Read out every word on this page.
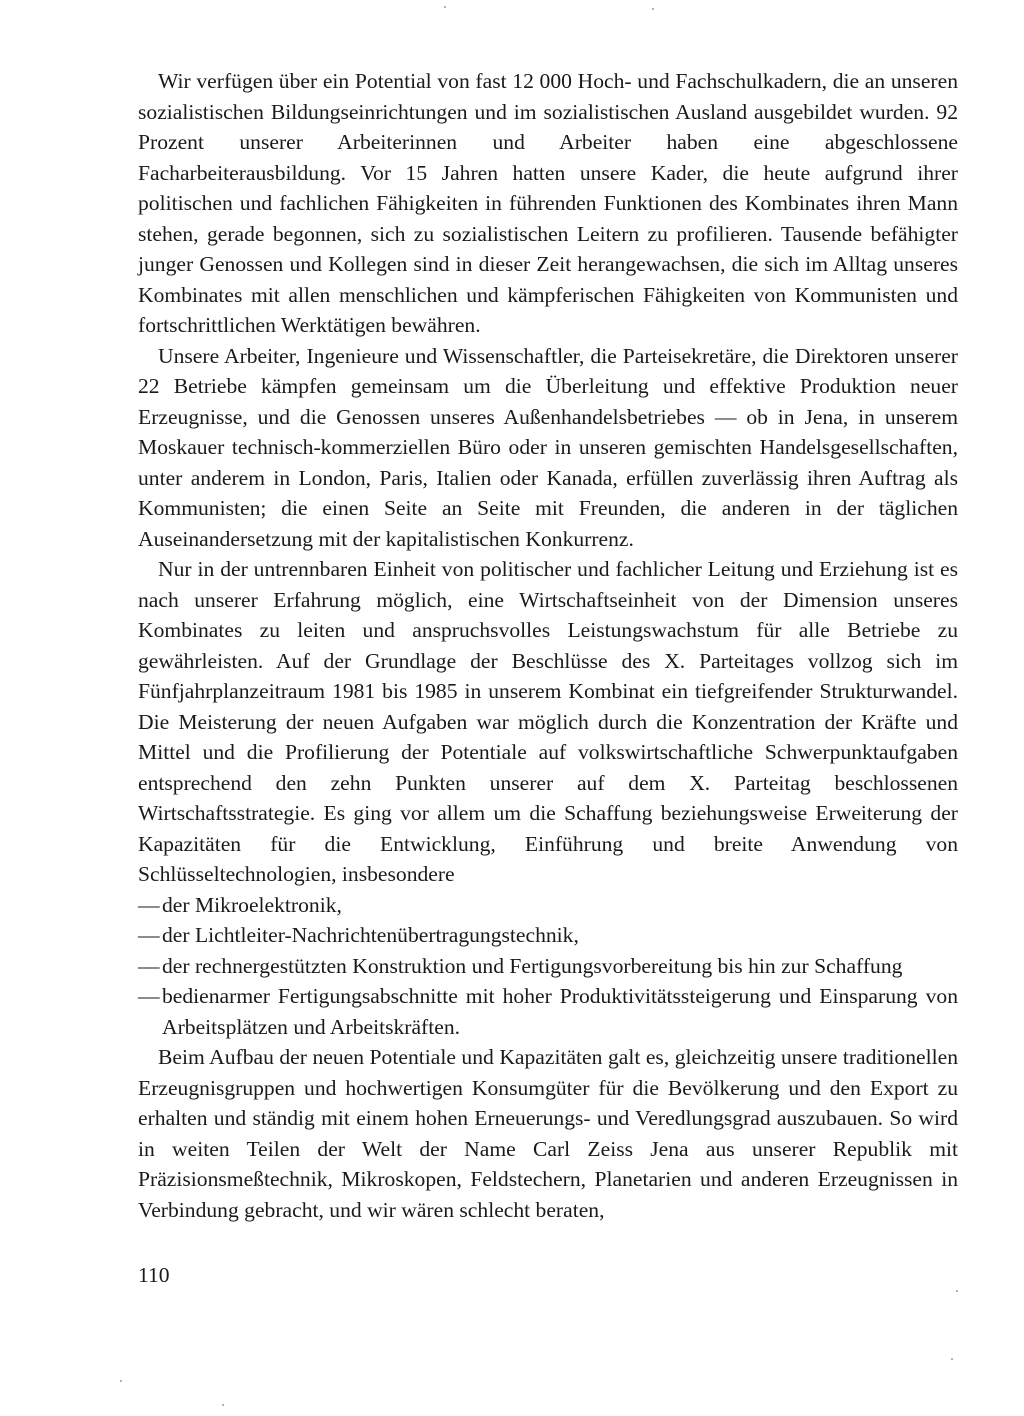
Wir verfügen über ein Potential von fast 12 000 Hoch- und Fachschulkadern, die an unseren sozialistischen Bildungseinrichtungen und im sozialistischen Ausland ausgebildet wurden. 92 Prozent unserer Arbeiterinnen und Arbeiter haben eine abgeschlossene Facharbeiterausbildung. Vor 15 Jahren hatten unsere Kader, die heute aufgrund ihrer politischen und fachlichen Fähigkeiten in führenden Funktionen des Kombinates ihren Mann stehen, gerade begonnen, sich zu sozialistischen Leitern zu profilieren. Tausende befähigter junger Genossen und Kollegen sind in dieser Zeit herangewachsen, die sich im Alltag unseres Kombinates mit allen menschlichen und kämpferischen Fähigkeiten von Kommunisten und fortschrittlichen Werktätigen bewähren.

Unsere Arbeiter, Ingenieure und Wissenschaftler, die Parteisekretäre, die Direktoren unserer 22 Betriebe kämpfen gemeinsam um die Überleitung und effektive Produktion neuer Erzeugnisse, und die Genossen unseres Außenhandelsbetriebes — ob in Jena, in unserem Moskauer technisch-kommerziellen Büro oder in unseren gemischten Handelsgesellschaften, unter anderem in London, Paris, Italien oder Kanada, erfüllen zuverlässig ihren Auftrag als Kommunisten; die einen Seite an Seite mit Freunden, die anderen in der täglichen Auseinandersetzung mit der kapitalistischen Konkurrenz.

Nur in der untrennbaren Einheit von politischer und fachlicher Leitung und Erziehung ist es nach unserer Erfahrung möglich, eine Wirtschaftseinheit von der Dimension unseres Kombinates zu leiten und anspruchsvolles Leistungswachstum für alle Betriebe zu gewährleisten. Auf der Grundlage der Beschlüsse des X. Parteitages vollzog sich im Fünfjahrplanzeitraum 1981 bis 1985 in unserem Kombinat ein tiefgreifender Strukturwandel. Die Meisterung der neuen Aufgaben war möglich durch die Konzentration der Kräfte und Mittel und die Profilierung der Potentiale auf volkswirtschaftliche Schwerpunktaufgaben entsprechend den zehn Punkten unserer auf dem X. Parteitag beschlossenen Wirtschaftsstrategie. Es ging vor allem um die Schaffung beziehungsweise Erweiterung der Kapazitäten für die Entwicklung, Einführung und breite Anwendung von Schlüsseltechnologien, insbesondere

— der Mikroelektronik,
— der Lichtleiter-Nachrichtenübertragungstechnik,
— der rechnergestützten Konstruktion und Fertigungsvorbereitung bis hin zur Schaffung
— bedienarmer Fertigungsabschnitte mit hoher Produktivitätssteigerung und Einsparung von Arbeitsplätzen und Arbeitskräften.

Beim Aufbau der neuen Potentiale und Kapazitäten galt es, gleichzeitig unsere traditionellen Erzeugnisgruppen und hochwertigen Konsumgüter für die Bevölkerung und den Export zu erhalten und ständig mit einem hohen Erneuerungs- und Veredlungsgrad auszubauen. So wird in weiten Teilen der Welt der Name Carl Zeiss Jena aus unserer Republik mit Präzisionsmeßtechnik, Mikroskopen, Feldstechern, Planetarien und anderen Erzeugnissen in Verbindung gebracht, und wir wären schlecht beraten,

110
